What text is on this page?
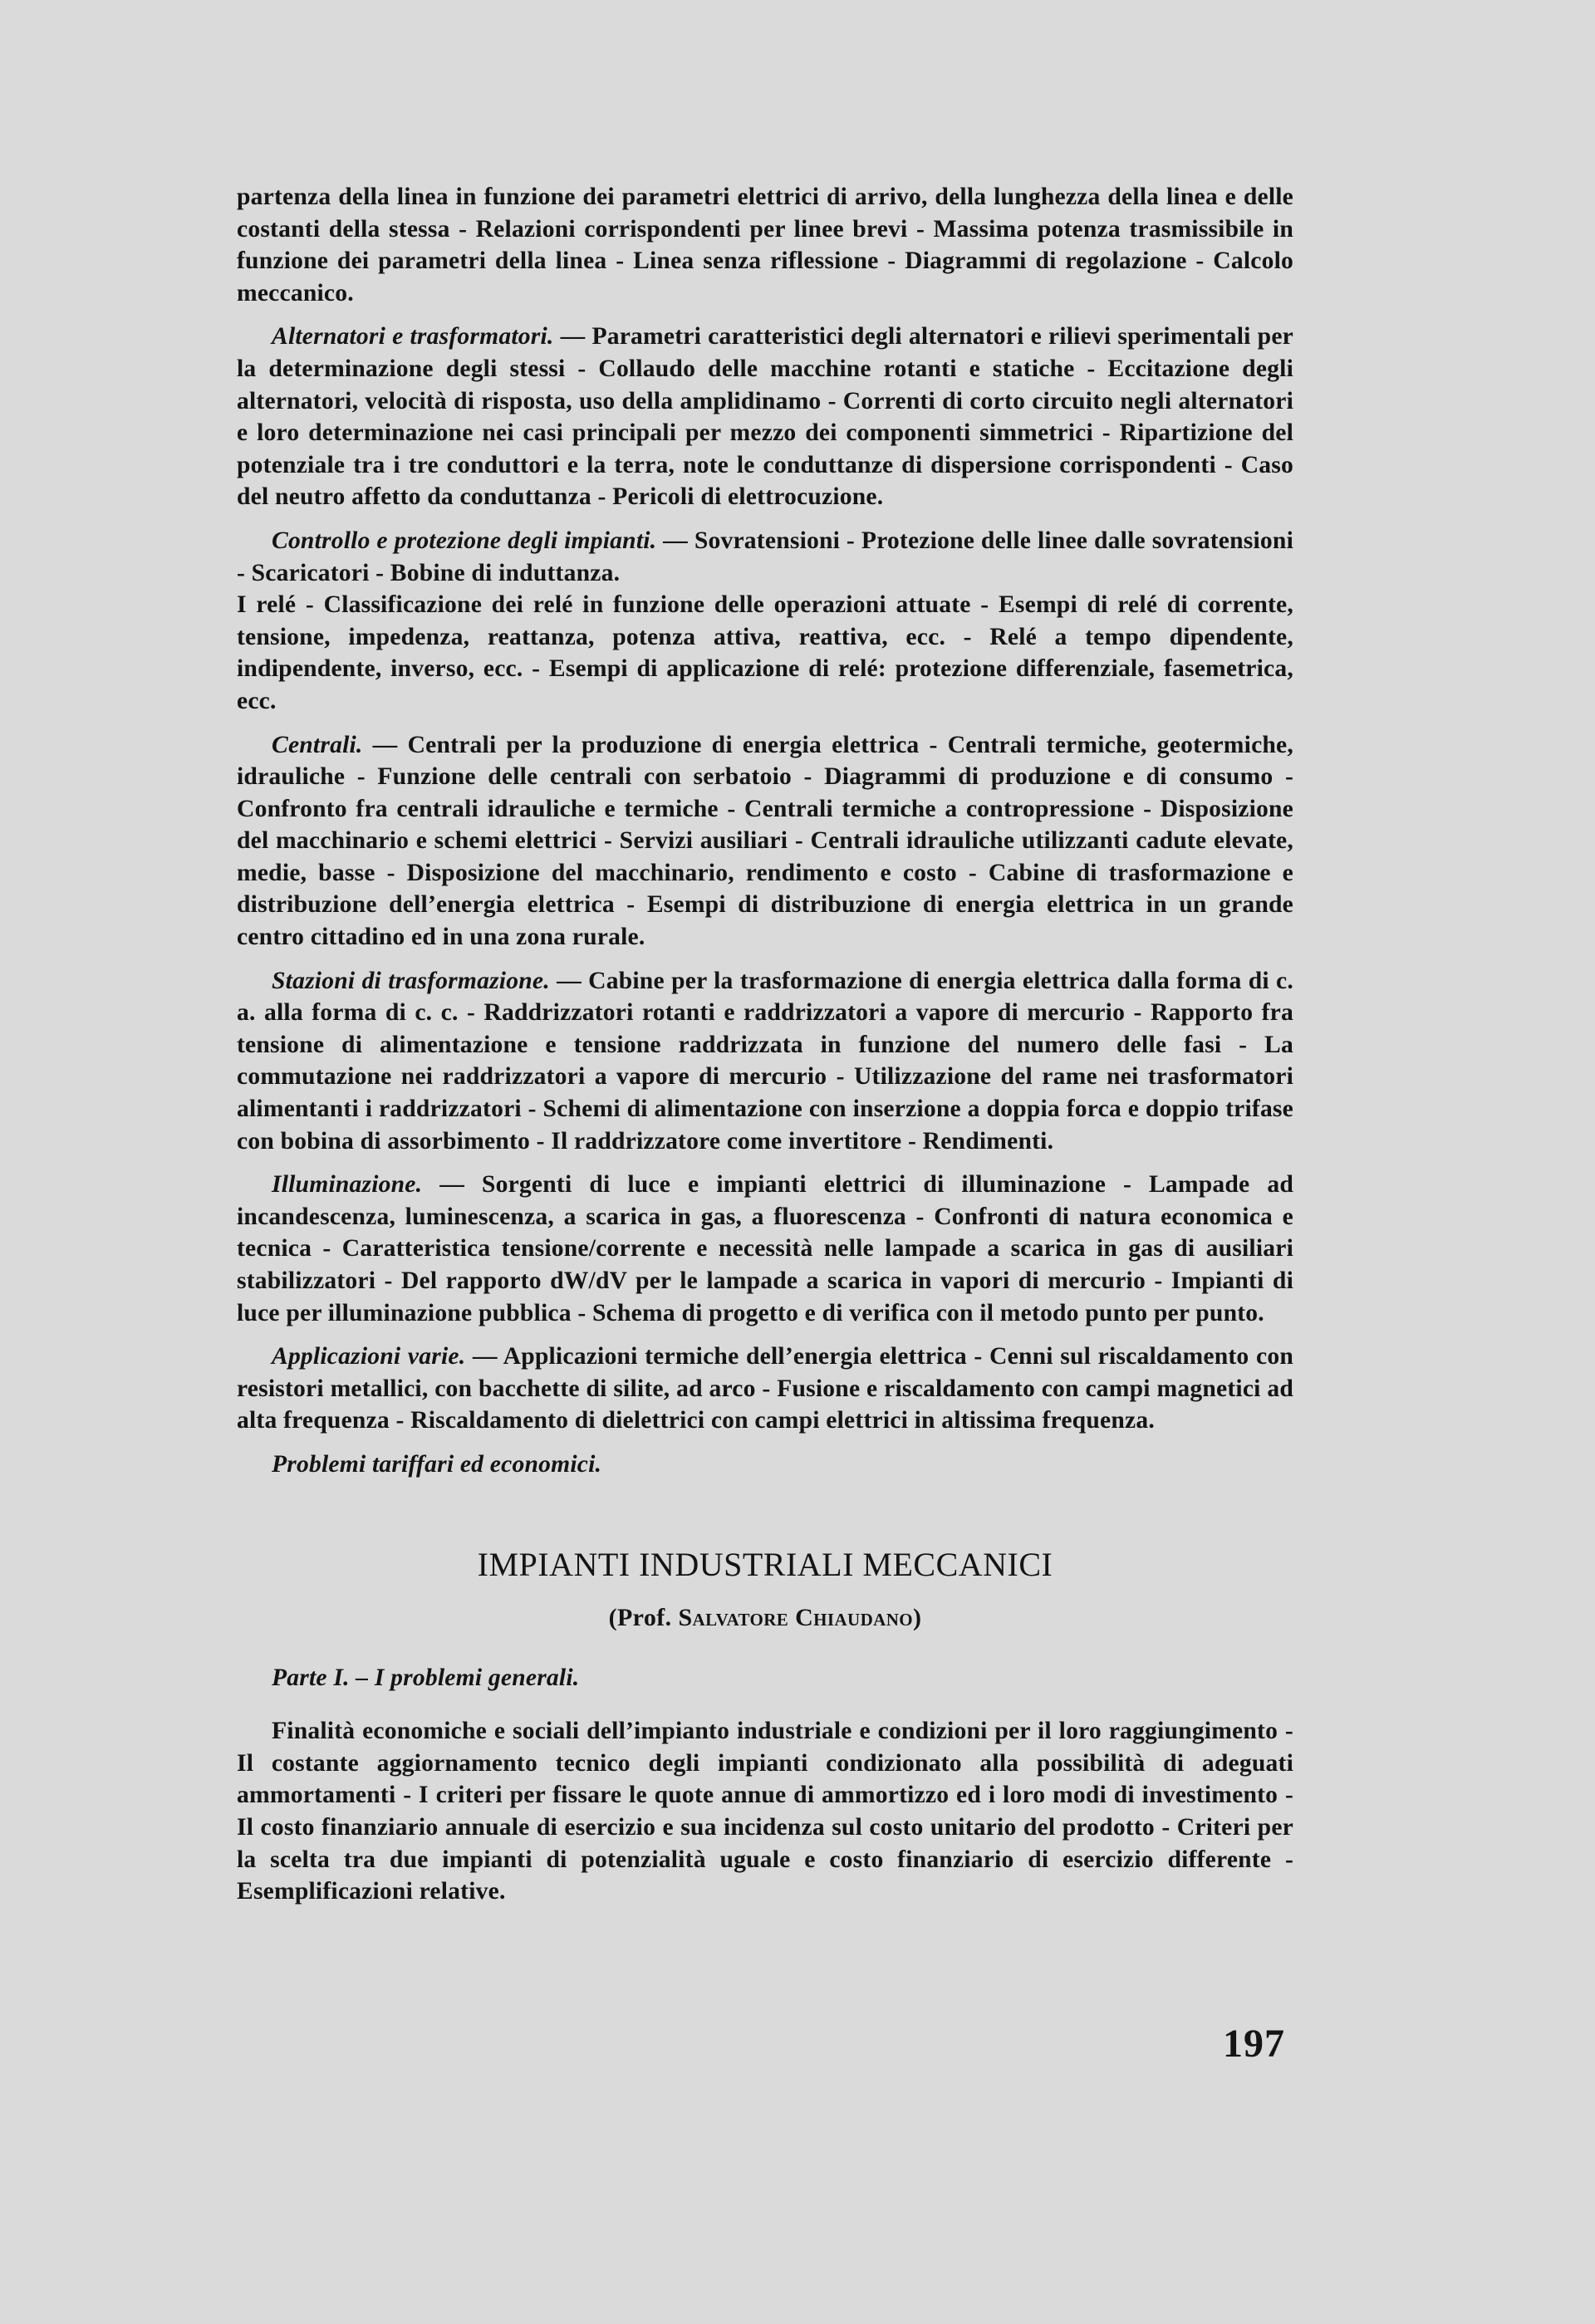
partenza della linea in funzione dei parametri elettrici di arrivo, della lunghezza della linea e delle costanti della stessa - Relazioni corrispondenti per linee brevi - Massima potenza trasmissibile in funzione dei parametri della linea - Linea senza riflessione - Diagrammi di regolazione - Calcolo meccanico.

Alternatori e trasformatori. — Parametri caratteristici degli alternatori e rilievi sperimentali per la determinazione degli stessi - Collaudo delle macchine rotanti e statiche - Eccitazione degli alternatori, velocità di risposta, uso della amplidinamo - Correnti di corto circuito negli alternatori e loro determinazione nei casi principali per mezzo dei componenti simmetrici - Ripartizione del potenziale tra i tre conduttori e la terra, note le conduttanze di dispersione corrispondenti - Caso del neutro affetto da conduttanza - Pericoli di elettrocuzione.

Controllo e protezione degli impianti. — Sovratensioni - Protezione delle linee dalle sovratensioni - Scaricatori - Bobine di induttanza.

I relé - Classificazione dei relé in funzione delle operazioni attuate - Esempi di relé di corrente, tensione, impedenza, reattanza, potenza attiva, reattiva, ecc. - Relé a tempo dipendente, indipendente, inverso, ecc. - Esempi di applicazione di relé: protezione differenziale, fasemetrica, ecc.

Centrali. — Centrali per la produzione di energia elettrica - Centrali termiche, geotermiche, idrauliche - Funzione delle centrali con serbatoio - Diagrammi di produzione e di consumo - Confronto fra centrali idrauliche e termiche - Centrali termiche a contropressione - Disposizione del macchinario e schemi elettrici - Servizi ausiliari - Centrali idrauliche utilizzanti cadute elevate, medie, basse - Disposizione del macchinario, rendimento e costo - Cabine di trasformazione e distribuzione dell’energia elettrica - Esempi di distribuzione di energia elettrica in un grande centro cittadino ed in una zona rurale.

Stazioni di trasformazione. — Cabine per la trasformazione di energia elettrica dalla forma di c. a. alla forma di c. c. - Raddrizzatori rotanti e raddrizzatori a vapore di mercurio - Rapporto fra tensione di alimentazione e tensione raddrizzata in funzione del numero delle fasi - La commutazione nei raddrizzatori a vapore di mercurio - Utilizzazione del rame nei trasformatori alimentanti i raddrizzatori - Schemi di alimentazione con inserzione a doppia forca e doppio trifase con bobina di assorbimento - Il raddrizzatore come invertitore - Rendimenti.

Illuminazione. — Sorgenti di luce e impianti elettrici di illuminazione - Lampade ad incandescenza, luminescenza, a scarica in gas, a fluorescenza - Confronti di natura economica e tecnica - Caratteristica tensione/corrente e necessità nelle lampade a scarica in gas di ausiliari stabilizzatori - Del rapporto dW/dV per le lampade a scarica in vapori di mercurio - Impianti di luce per illuminazione pubblica - Schema di progetto e di verifica con il metodo punto per punto.

Applicazioni varie. — Applicazioni termiche dell’energia elettrica - Cenni sul riscaldamento con resistori metallici, con bacchette di silite, ad arco - Fusione e riscaldamento con campi magnetici ad alta frequenza - Riscaldamento di dielettrici con campi elettrici in altissima frequenza.

Problemi tariffari ed economici.

IMPIANTI INDUSTRIALI MECCANICI
(Prof. Salvatore Chiaudano)

Parte I. – I problemi generali.

Finalità economiche e sociali dell’impianto industriale e condizioni per il loro raggiungimento - Il costante aggiornamento tecnico degli impianti condizionato alla possibilità di adeguati ammortamenti - I criteri per fissare le quote annue di ammortizzo ed i loro modi di investimento - Il costo finanziario annuale di esercizio e sua incidenza sul costo unitario del prodotto - Criteri per la scelta tra due impianti di potenzialità uguale e costo finanziario di esercizio differente - Esemplificazioni relative.

197
